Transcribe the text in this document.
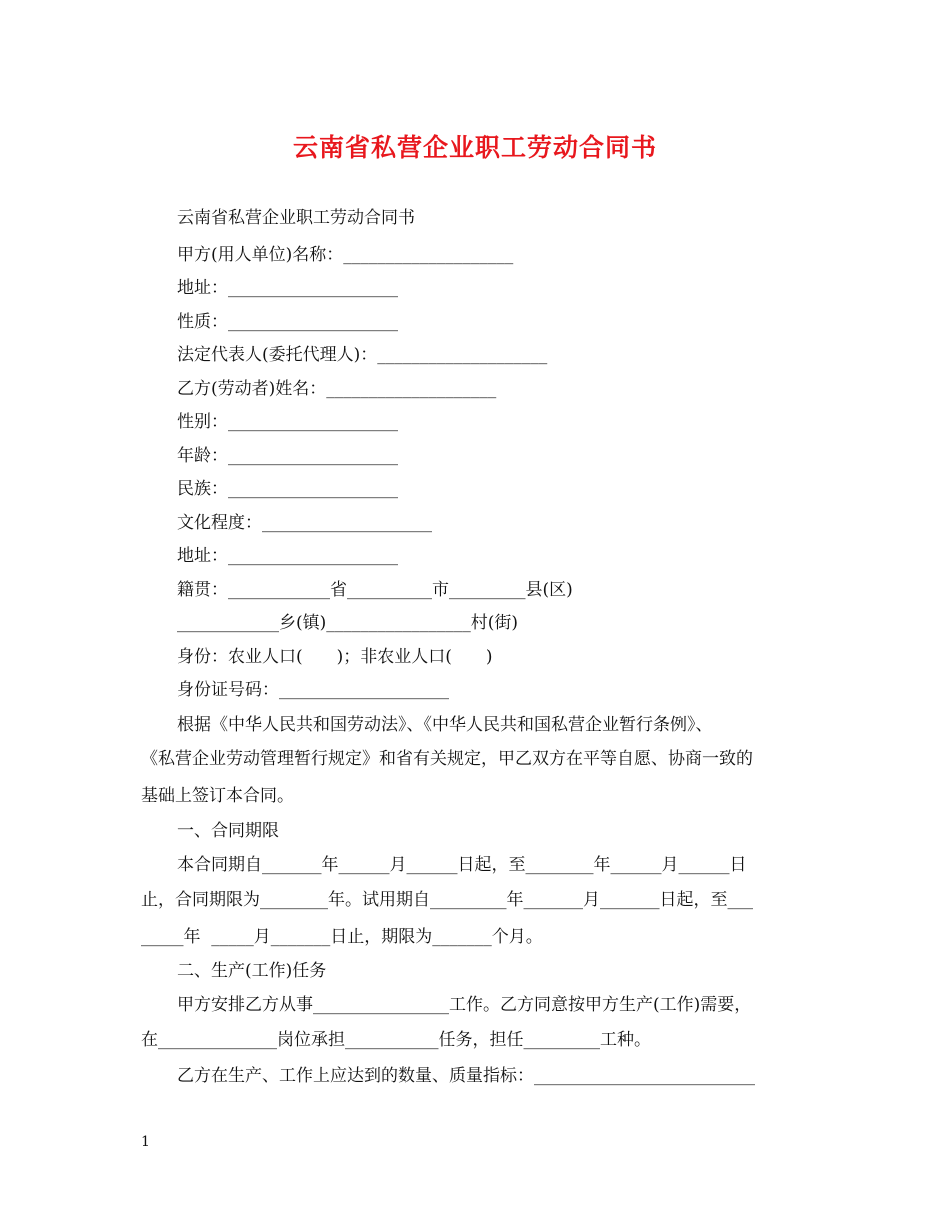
云南省私营企业职工劳动合同书
云南省私营企业职工劳动合同书
甲方(用人单位)名称：____________________
地址：____________________
性质：____________________
法定代表人(委托代理人)：____________________
乙方(劳动者)姓名：____________________
性别：____________________
年龄：____________________
民族：____________________
文化程度：____________________
地址：____________________
籍贯：____________省__________市_________县(区)
____________乡(镇)_________________村(街)
身份：农业人口(　　)；非农业人口(　　)
身份证号码：____________________
根据《中华人民共和国劳动法》、《中华人民共和国私营企业暂行条例》、
《私营企业劳动管理暂行规定》和省有关规定，甲乙双方在平等自愿、协商一致的
基础上签订本合同。
一、合同期限
本合同期自_______年______月______日起，至________年______月______日
止，合同期限为________年。试用期自_________年_______月_______日起，至___
_____年  _____月_______日止，期限为_______个月。
二、生产(工作)任务
甲方安排乙方从事________________工作。乙方同意按甲方生产(工作)需要，
在______________岗位承担___________任务，担任_________工种。
乙方在生产、工作上应达到的数量、质量指标：__________________________
1
